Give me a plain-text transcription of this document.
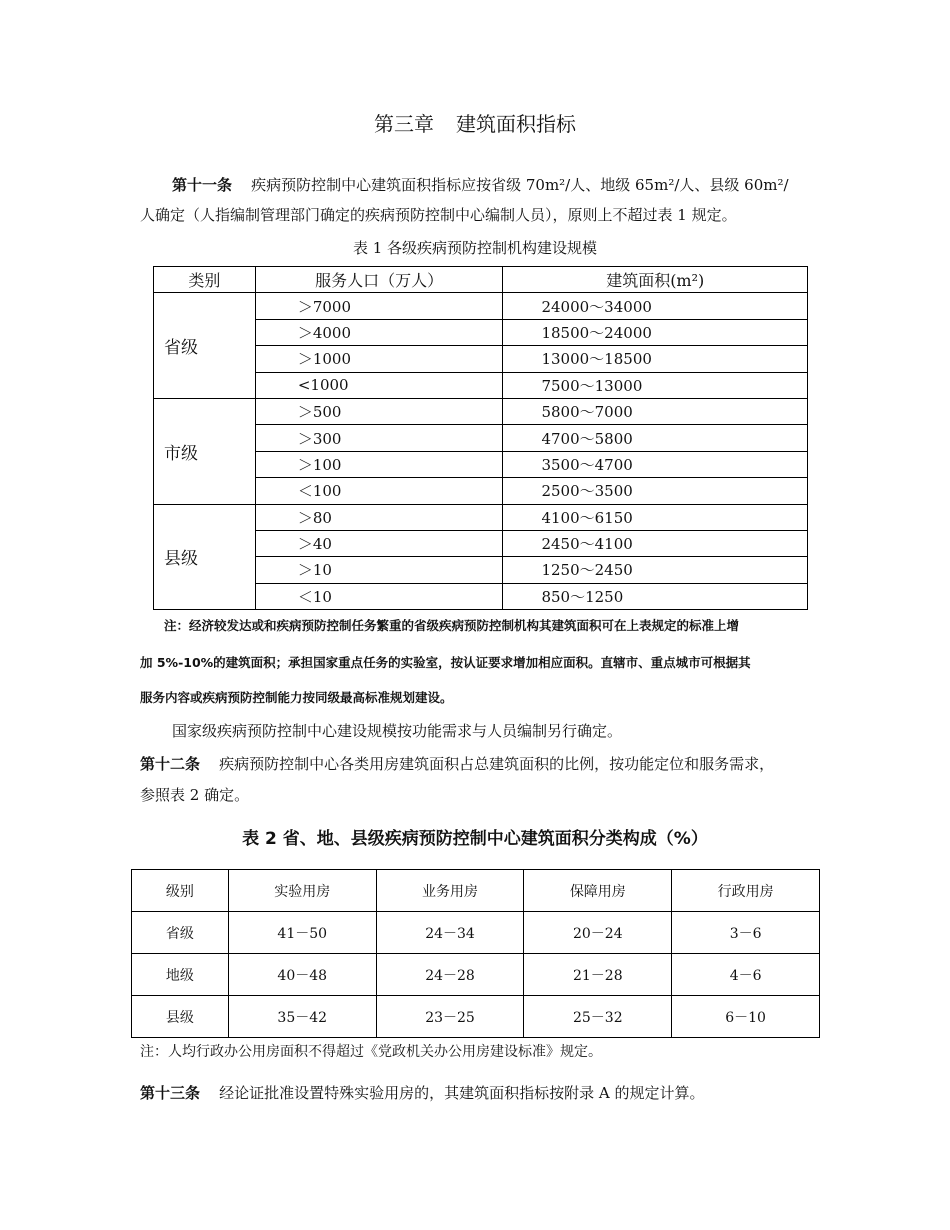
第三章 建筑面积指标
第十一条 疾病预防控制中心建筑面积指标应按省级 70m²/人、地级 65m²/人、县级 60m²/
人确定（人指编制管理部门确定的疾病预防控制中心编制人员），原则上不超过表 1 规定。
表 1 各级疾病预防控制机构建设规模
类别	服务人口（万人）	建筑面积(m²)
省级	＞7000	24000～34000
	＞4000	18500～24000
	＞1000	13000～18500
	<1000	7500～13000
市级	＞500	5800～7000
	＞300	4700～5800
	＞100	3500～4700
	＜100	2500～3500
县级	＞80	4100～6150
	＞40	2450～4100
	＞10	1250～2450
	＜10	850～1250
注：经济较发达或和疾病预防控制任务繁重的省级疾病预防控制机构其建筑面积可在上表规定的标准上增
加 5%-10%的建筑面积；承担国家重点任务的实验室，按认证要求增加相应面积。直辖市、重点城市可根据其
服务内容或疾病预防控制能力按同级最高标准规划建设。
国家级疾病预防控制中心建设规模按功能需求与人员编制另行确定。
第十二条 疾病预防控制中心各类用房建筑面积占总建筑面积的比例，按功能定位和服务需求，
参照表 2 确定。
表 2 省、地、县级疾病预防控制中心建筑面积分类构成（%）
级别	实验用房	业务用房	保障用房	行政用房
省级	41－50	24－34	20－24	3－6
地级	40－48	24－28	21－28	4－6
县级	35－42	23－25	25－32	6－10
注：人均行政办公用房面积不得超过《党政机关办公用房建设标准》规定。
第十三条 经论证批准设置特殊实验用房的，其建筑面积指标按附录 A 的规定计算。
